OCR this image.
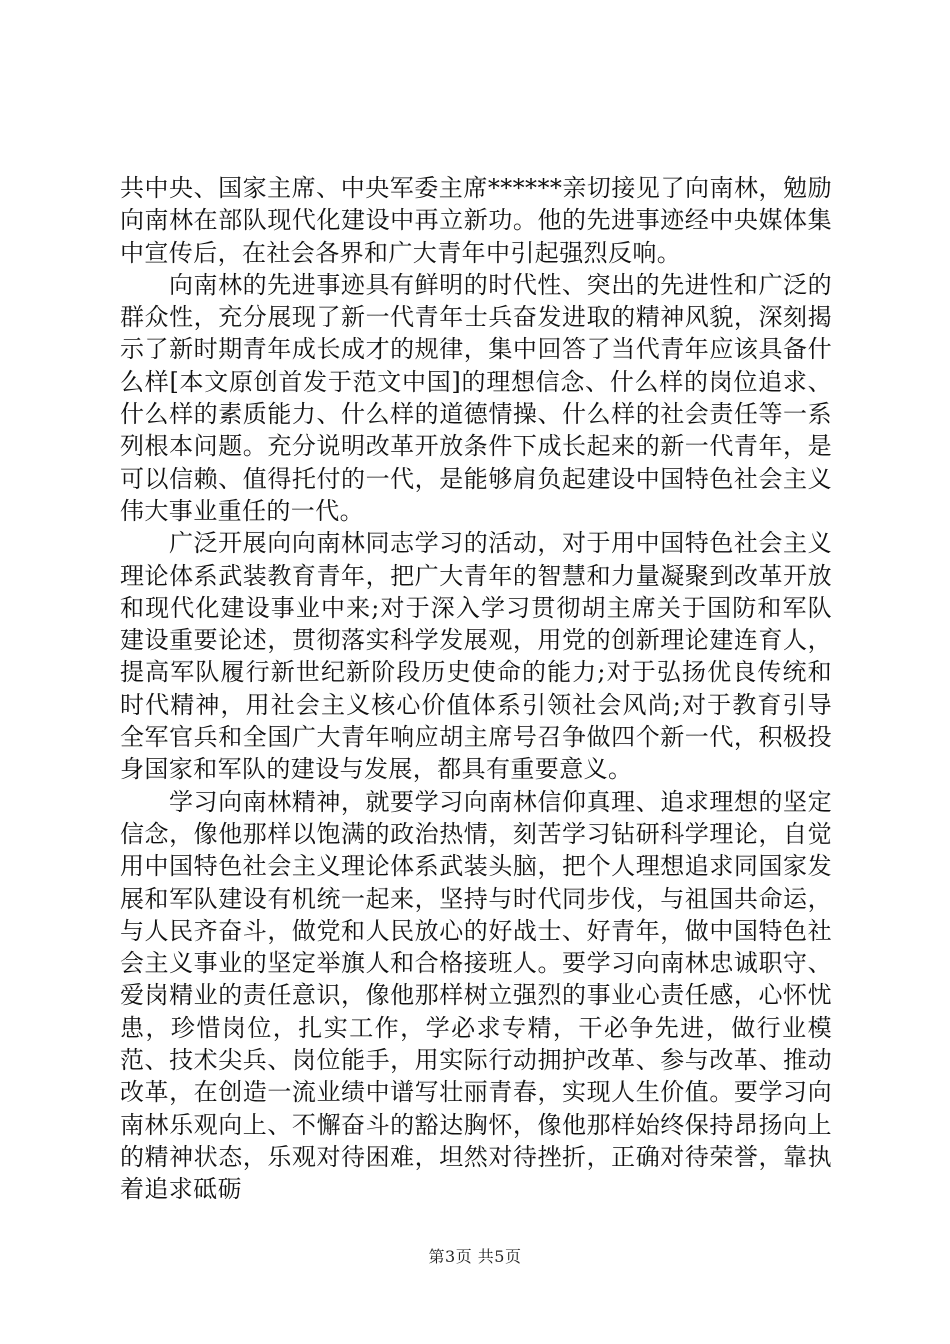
共中央、国家主席、中央军委主席******亲切接见了向南林，勉励向南林在部队现代化建设中再立新功。他的先进事迹经中央媒体集中宣传后，在社会各界和广大青年中引起强烈反响。

向南林的先进事迹具有鲜明的时代性、突出的先进性和广泛的群众性，充分展现了新一代青年士兵奋发进取的精神风貌，深刻揭示了新时期青年成长成才的规律，集中回答了当代青年应该具备什么样[本文原创首发于范文中国]的理想信念、什么样的岗位追求、什么样的素质能力、什么样的道德情操、什么样的社会责任等一系列根本问题。充分说明改革开放条件下成长起来的新一代青年，是可以信赖、值得托付的一代，是能够肩负起建设中国特色社会主义伟大事业重任的一代。

广泛开展向向南林同志学习的活动，对于用中国特色社会主义理论体系武装教育青年，把广大青年的智慧和力量凝聚到改革开放和现代化建设事业中来;对于深入学习贯彻胡主席关于国防和军队建设重要论述，贯彻落实科学发展观，用党的创新理论建连育人，提高军队履行新世纪新阶段历史使命的能力;对于弘扬优良传统和时代精神，用社会主义核心价值体系引领社会风尚;对于教育引导全军官兵和全国广大青年响应胡主席号召争做四个新一代，积极投身国家和军队的建设与发展，都具有重要意义。

学习向南林精神，就要学习向南林信仰真理、追求理想的坚定信念，像他那样以饱满的政治热情，刻苦学习钻研科学理论，自觉用中国特色社会主义理论体系武装头脑，把个人理想追求同国家发展和军队建设有机统一起来，坚持与时代同步伐，与祖国共命运，与人民齐奋斗，做党和人民放心的好战士、好青年，做中国特色社会主义事业的坚定举旗人和合格接班人。要学习向南林忠诚职守、爱岗精业的责任意识，像他那样树立强烈的事业心责任感，心怀忧患，珍惜岗位，扎实工作，学必求专精，干必争先进，做行业模范、技术尖兵、岗位能手，用实际行动拥护改革、参与改革、推动改革，在创造一流业绩中谱写壮丽青春，实现人生价值。要学习向南林乐观向上、不懈奋斗的豁达胸怀，像他那样始终保持昂扬向上的精神状态，乐观对待困难，坦然对待挫折，正确对待荣誉，靠执着追求砥砺

第3页 共5页
